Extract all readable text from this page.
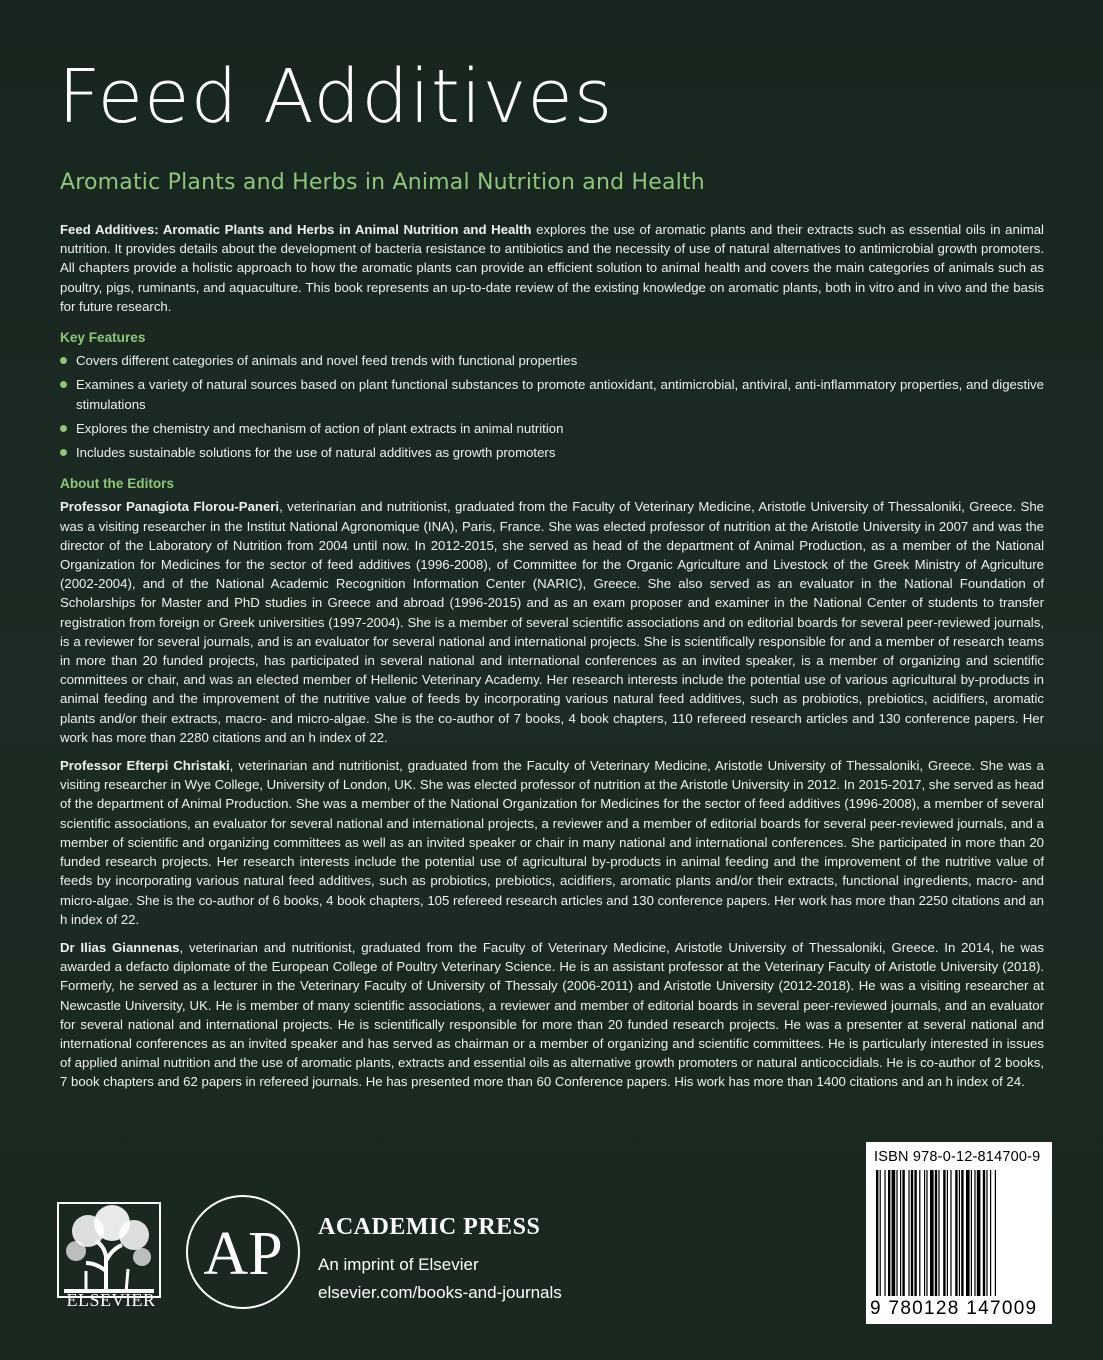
Feed Additives

Aromatic Plants and Herbs in Animal Nutrition and Health

Feed Additives: Aromatic Plants and Herbs in Animal Nutrition and Health explores the use of aromatic plants and their extracts such as essential oils in animal nutrition. It provides details about the development of bacteria resistance to antibiotics and the necessity of use of natural alternatives to antimicrobial growth promoters. All chapters provide a holistic approach to how the aromatic plants can provide an efficient solution to animal health and covers the main categories of animals such as poultry, pigs, ruminants, and aquaculture. This book represents an up-to-date review of the existing knowledge on aromatic plants, both in vitro and in vivo and the basis for future research.

Key Features
Covers different categories of animals and novel feed trends with functional properties
Examines a variety of natural sources based on plant functional substances to promote antioxidant, antimicrobial, antiviral, anti-inflammatory properties, and digestive stimulations
Explores the chemistry and mechanism of action of plant extracts in animal nutrition
Includes sustainable solutions for the use of natural additives as growth promoters
About the Editors

Professor Panagiota Florou-Paneri, veterinarian and nutritionist, graduated from the Faculty of Veterinary Medicine, Aristotle University of Thessaloniki, Greece. She was a visiting researcher in the Institut National Agronomique (INA), Paris, France. She was elected professor of nutrition at the Aristotle University in 2007 and was the director of the Laboratory of Nutrition from 2004 until now. In 2012-2015, she served as head of the department of Animal Production, as a member of the National Organization for Medicines for the sector of feed additives (1996-2008), of Committee for the Organic Agriculture and Livestock of the Greek Ministry of Agriculture (2002-2004), and of the National Academic Recognition Information Center (NARIC), Greece. She also served as an evaluator in the National Foundation of Scholarships for Master and PhD studies in Greece and abroad (1996-2015) and as an exam proposer and examiner in the National Center of students to transfer registration from foreign or Greek universities (1997-2004). She is a member of several scientific associations and on editorial boards for several peer-reviewed journals, is a reviewer for several journals, and is an evaluator for several national and international projects. She is scientifically responsible for and a member of research teams in more than 20 funded projects, has participated in several national and international conferences as an invited speaker, is a member of organizing and scientific committees or chair, and was an elected member of Hellenic Veterinary Academy. Her research interests include the potential use of various agricultural by-products in animal feeding and the improvement of the nutritive value of feeds by incorporating various natural feed additives, such as probiotics, prebiotics, acidifiers, aromatic plants and/or their extracts, macro- and micro-algae. She is the co-author of 7 books, 4 book chapters, 110 refereed research articles and 130 conference papers. Her work has more than 2280 citations and an h index of 22.

Professor Efterpi Christaki, veterinarian and nutritionist, graduated from the Faculty of Veterinary Medicine, Aristotle University of Thessaloniki, Greece. She was a visiting researcher in Wye College, University of London, UK. She was elected professor of nutrition at the Aristotle University in 2012. In 2015-2017, she served as head of the department of Animal Production. She was a member of the National Organization for Medicines for the sector of feed additives (1996-2008), a member of several scientific associations, an evaluator for several national and international projects, a reviewer and a member of editorial boards for several peer-reviewed journals, and a member of scientific and organizing committees as well as an invited speaker or chair in many national and international conferences. She participated in more than 20 funded research projects. Her research interests include the potential use of agricultural by-products in animal feeding and the improvement of the nutritive value of feeds by incorporating various natural feed additives, such as probiotics, prebiotics, acidifiers, aromatic plants and/or their extracts, functional ingredients, macro- and micro-algae. She is the co-author of 6 books, 4 book chapters, 105 refereed research articles and 130 conference papers. Her work has more than 2250 citations and an h index of 22.

Dr Ilias Giannenas, veterinarian and nutritionist, graduated from the Faculty of Veterinary Medicine, Aristotle University of Thessaloniki, Greece. In 2014, he was awarded a defacto diplomate of the European College of Poultry Veterinary Science. He is an assistant professor at the Veterinary Faculty of Aristotle University (2018). Formerly, he served as a lecturer in the Veterinary Faculty of University of Thessaly (2006-2011) and Aristotle University (2012-2018). He was a visiting researcher at Newcastle University, UK. He is member of many scientific associations, a reviewer and member of editorial boards in several peer-reviewed journals, and an evaluator for several national and international projects. He is scientifically responsible for more than 20 funded research projects. He was a presenter at several national and international conferences as an invited speaker and has served as chairman or a member of organizing and scientific committees. He is particularly interested in issues of applied animal nutrition and the use of aromatic plants, extracts and essential oils as alternative growth promoters or natural anticoccidials. He is co-author of 2 books, 7 book chapters and 62 papers in refereed journals. He has presented more than 60 Conference papers. His work has more than 1400 citations and an h index of 24.

ELSEVIER
AP ACADEMIC PRESS

An imprint of Elsevier

elsevier.com/books-and-journals

ISBN 978-0-12-814700-9
9 780128 147009
